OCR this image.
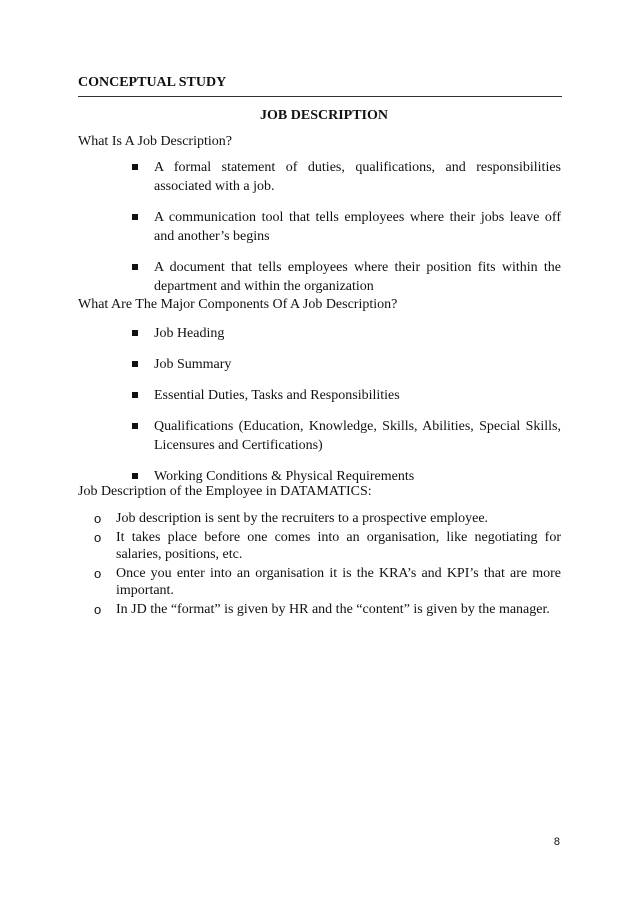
CONCEPTUAL STUDY
JOB DESCRIPTION
What Is A Job Description?
A formal statement of duties, qualifications, and responsibilities associated with a job.
A communication tool that tells employees where their jobs leave off and another’s begins
A document that tells employees where their position fits within the department and within the organization
What Are The Major Components Of A Job Description?
Job Heading
Job Summary
Essential Duties, Tasks and Responsibilities
Qualifications (Education, Knowledge, Skills, Abilities, Special Skills, Licensures and Certifications)
Working Conditions & Physical Requirements
Job Description of the Employee in DATAMATICS:
o Job description is sent by the recruiters to a prospective employee.
o It takes place before one comes into an organisation, like negotiating for salaries, positions, etc.
o Once you enter into an organisation it is the KRA’s and KPI’s that are more important.
o In JD the “format” is given by HR and the “content” is given by the manager.
8
